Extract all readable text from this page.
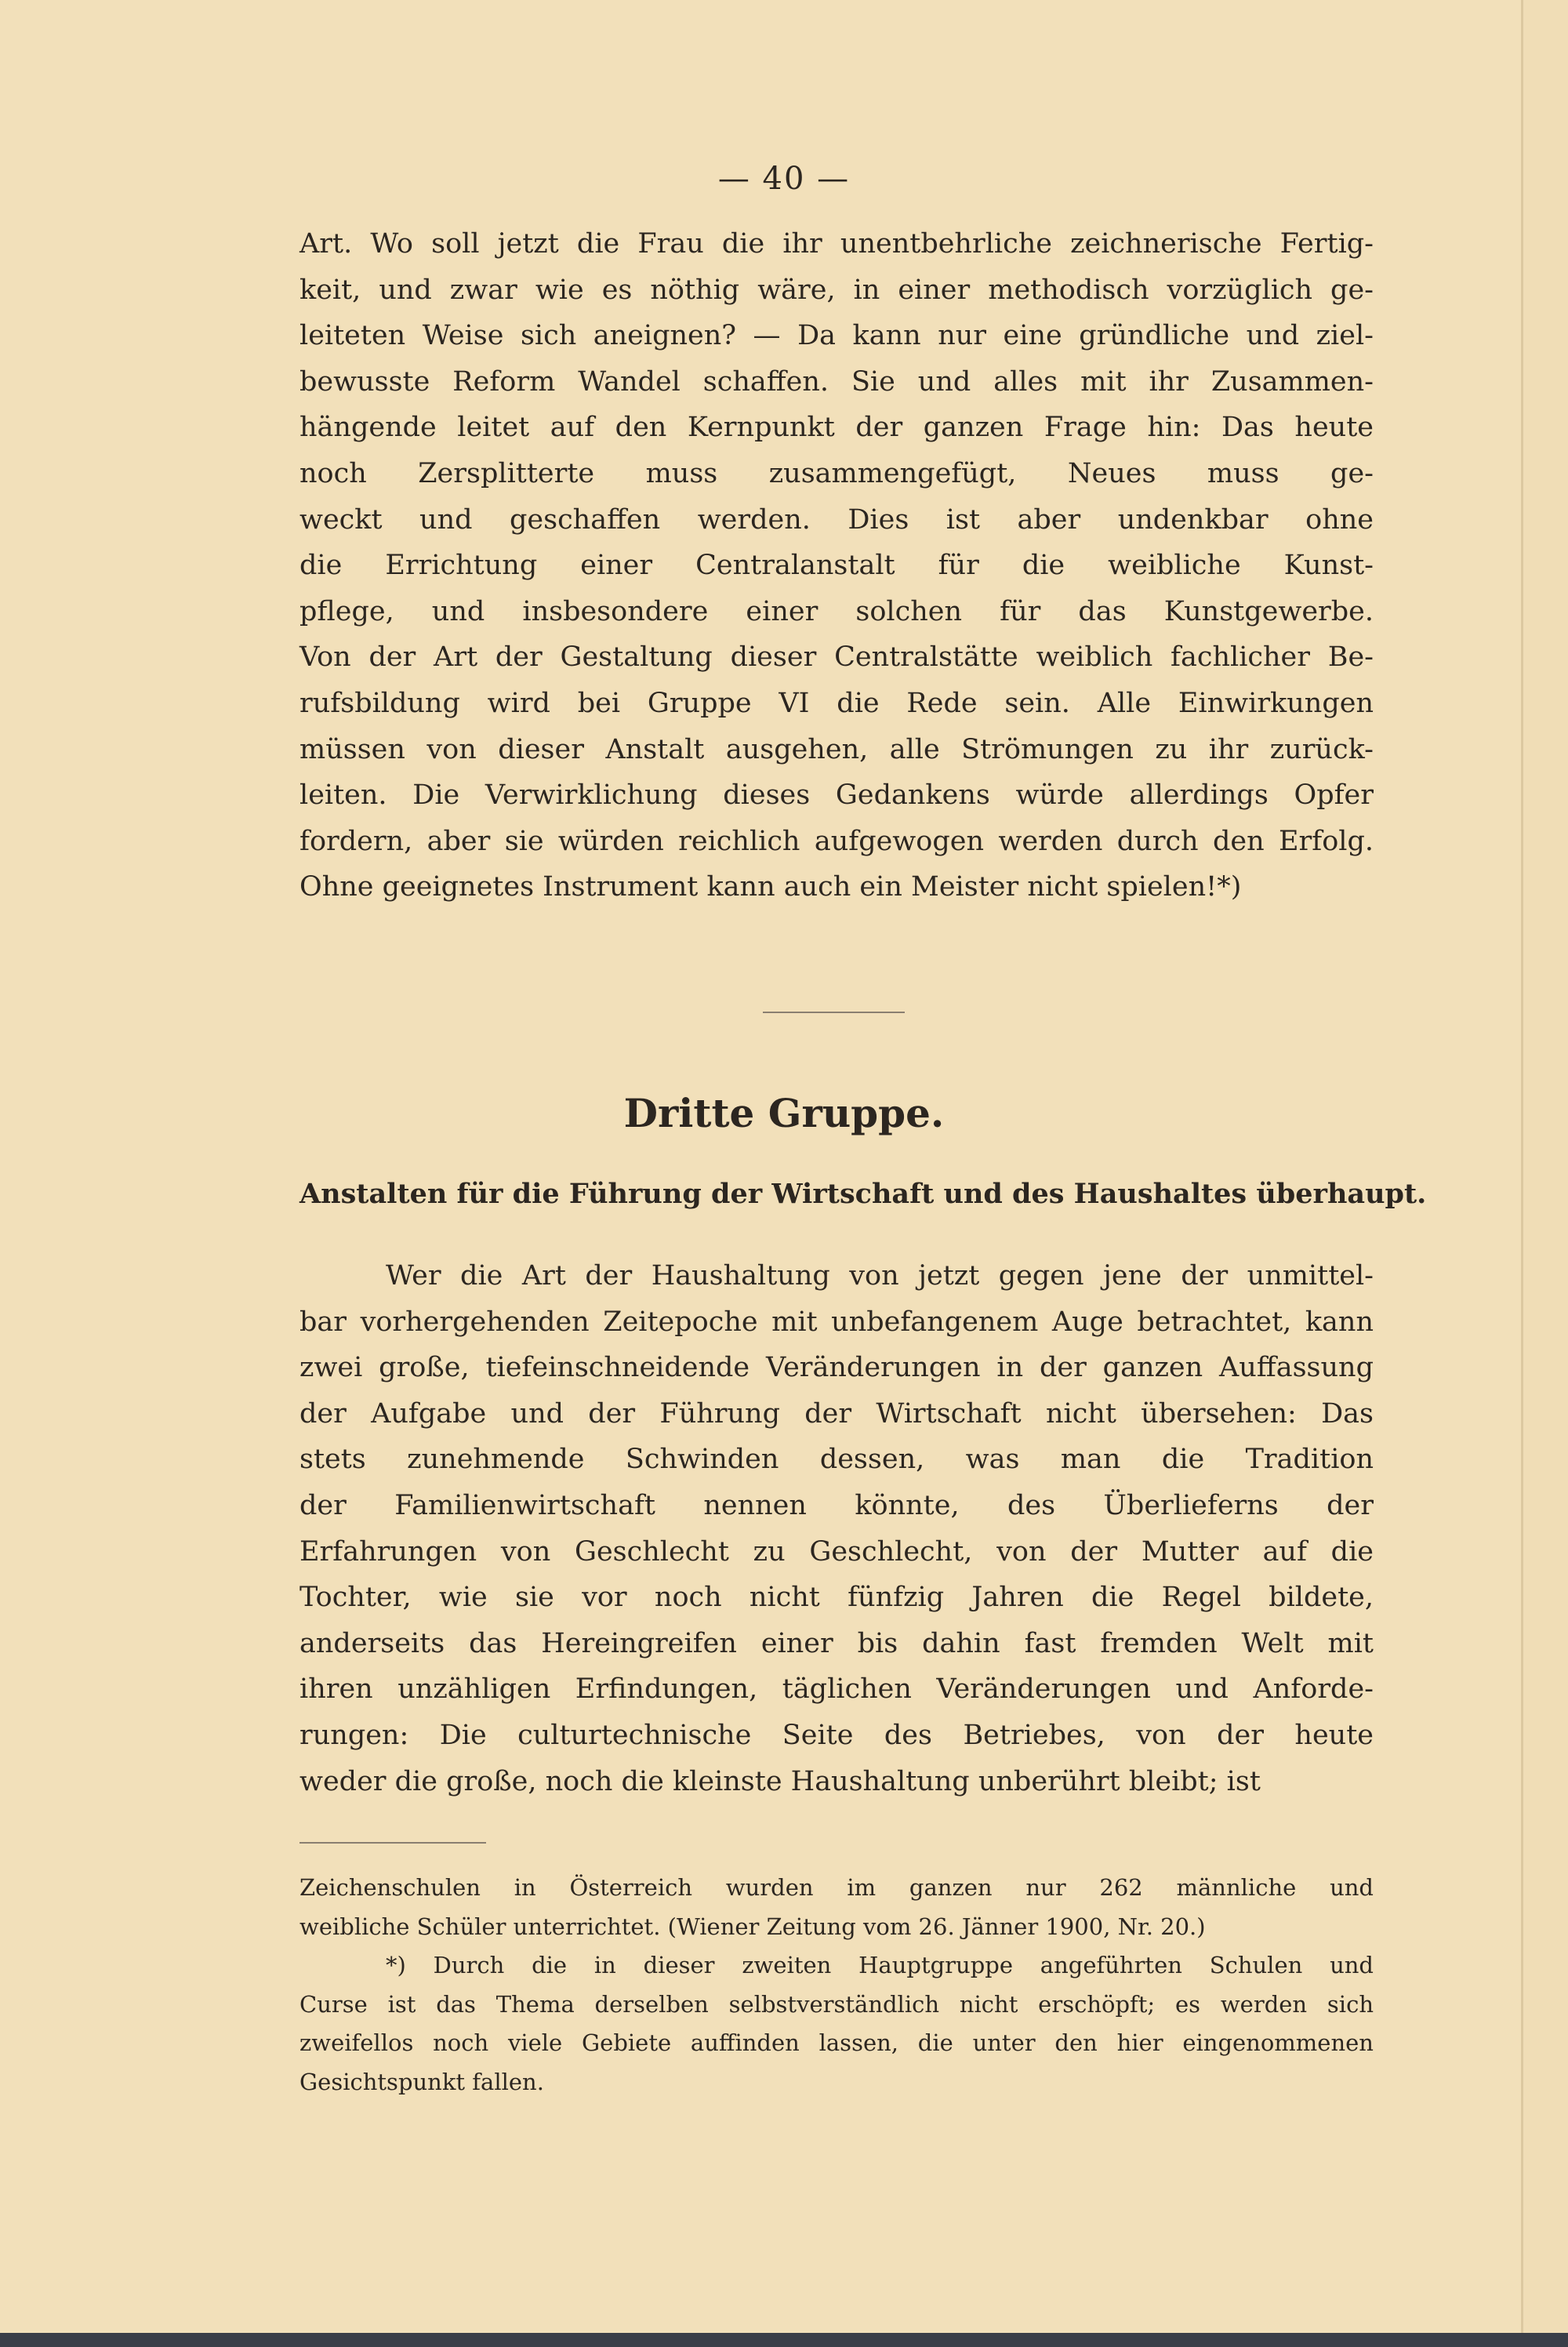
— 40 —
Art. Wo soll jetzt die Frau die ihr unentbehrliche zeichnerische Fertig-
keit, und zwar wie es nöthig wäre, in einer methodisch vorzüglich ge-
leiteten Weise sich aneignen? — Da kann nur eine gründliche und ziel-
bewusste Reform Wandel schaffen. Sie und alles mit ihr Zusammen-
hängende leitet auf den Kernpunkt der ganzen Frage hin: Das heute
noch Zersplitterte muss zusammengefügt, Neues muss ge-
weckt und geschaffen werden. Dies ist aber undenkbar ohne
die Errichtung einer Centralanstalt für die weibliche Kunst-
pflege, und insbesondere einer solchen für das Kunstgewerbe.
Von der Art der Gestaltung dieser Centralstätte weiblich fachlicher Be-
rufsbildung wird bei Gruppe VI die Rede sein. Alle Einwirkungen
müssen von dieser Anstalt ausgehen, alle Strömungen zu ihr zurück-
leiten. Die Verwirklichung dieses Gedankens würde allerdings Opfer
fordern, aber sie würden reichlich aufgewogen werden durch den Erfolg.
Ohne geeignetes Instrument kann auch ein Meister nicht spielen!*)
Dritte Gruppe.
Anstalten für die Führung der Wirtschaft und des Haushaltes überhaupt.
Wer die Art der Haushaltung von jetzt gegen jene der unmittel-
bar vorhergehenden Zeitepoche mit unbefangenem Auge betrachtet, kann
zwei große, tiefeinschneidende Veränderungen in der ganzen Auffassung
der Aufgabe und der Führung der Wirtschaft nicht übersehen: Das
stets zunehmende Schwinden dessen, was man die Tradition
der Familienwirtschaft nennen könnte, des Überlieferns der
Erfahrungen von Geschlecht zu Geschlecht, von der Mutter auf die
Tochter, wie sie vor noch nicht fünfzig Jahren die Regel bildete,
anderseits das Hereingreifen einer bis dahin fast fremden Welt mit
ihren unzähligen Erfindungen, täglichen Veränderungen und Anforde-
rungen: Die culturtechnische Seite des Betriebes, von der heute
weder die große, noch die kleinste Haushaltung unberührt bleibt; ist
Zeichenschulen in Österreich wurden im ganzen nur 262 männliche und
weibliche Schüler unterrichtet. (Wiener Zeitung vom 26. Jänner 1900, Nr. 20.)
*) Durch die in dieser zweiten Hauptgruppe angeführten Schulen und
Curse ist das Thema derselben selbstverständlich nicht erschöpft; es werden sich
zweifellos noch viele Gebiete auffinden lassen, die unter den hier eingenommenen
Gesichtspunkt fallen.
